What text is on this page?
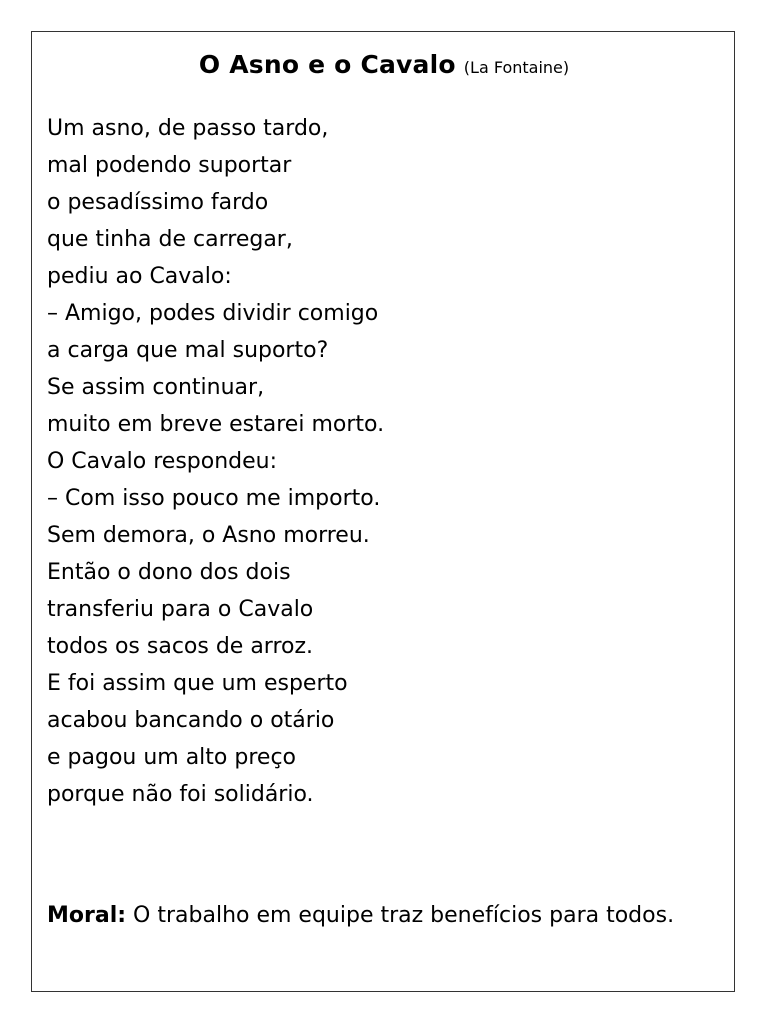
O Asno e o Cavalo (La Fontaine)
Um asno, de passo tardo,
mal podendo suportar
o pesadíssimo fardo
que tinha de carregar,
pediu ao Cavalo:
– Amigo, podes dividir comigo
a carga que mal suporto?
Se assim continuar,
muito em breve estarei morto.
O Cavalo respondeu:
– Com isso pouco me importo.
Sem demora, o Asno morreu.
Então o dono dos dois
transferiu para o Cavalo
todos os sacos de arroz.
E foi assim que um esperto
acabou bancando o otário
e pagou um alto preço
porque não foi solidário.
Moral: O trabalho em equipe traz benefícios para todos.
